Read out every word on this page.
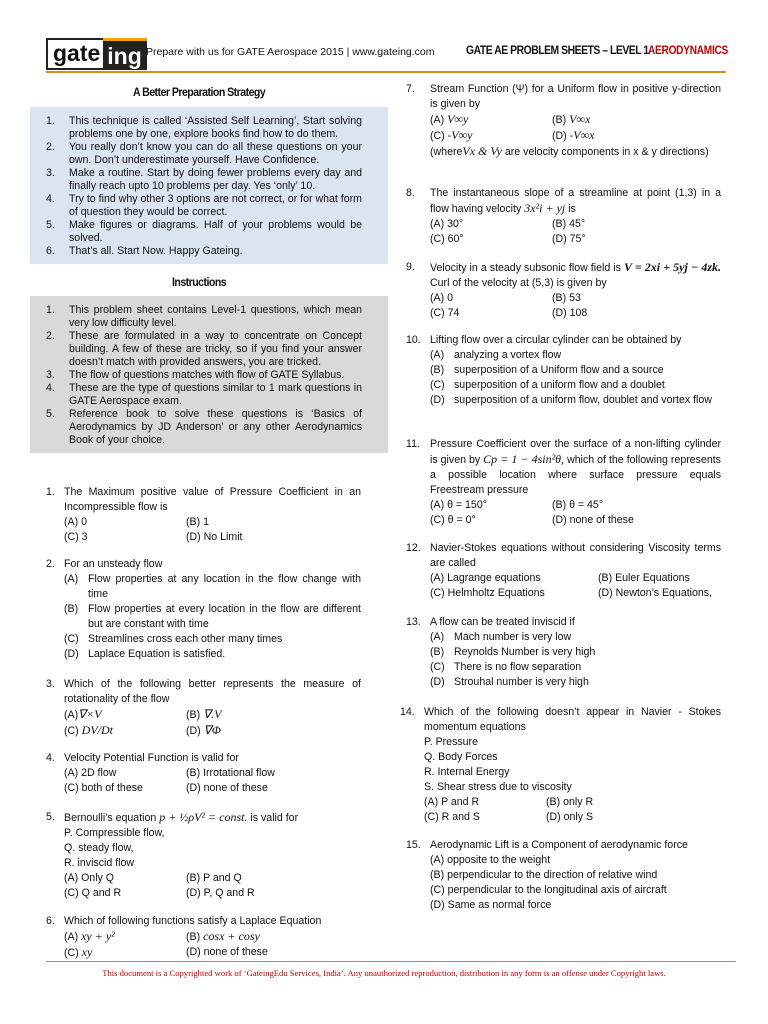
gate ing Prepare with us for GATE Aerospace 2015 | www.gateing.com	GATE AE PROBLEM SHEETS – LEVEL 1 AERODYNAMICS
A Better Preparation Strategy
1. This technique is called ‘Assisted Self Learning’, Start solving problems one by one, explore books find how to do them.
2. You really don’t know you can do all these questions on your own. Don’t underestimate yourself. Have Confidence.
3. Make a routine. Start by doing fewer problems every day and finally reach upto 10 problems per day. Yes ‘only’ 10.
4. Try to find why other 3 options are not correct, or for what form of question they would be correct.
5. Make figures or diagrams. Half of your problems would be solved.
6. That’s all. Start Now. Happy Gateing.
Instructions
1. This problem sheet contains Level-1 questions, which mean very low difficulty level.
2. These are formulated in a way to concentrate on Concept building. A few of these are tricky, so if you find your answer doesn’t match with provided answers, you are tricked.
3. The flow of questions matches with flow of GATE Syllabus.
4. These are the type of questions similar to 1 mark questions in GATE Aerospace exam.
5. Reference book to solve these questions is ‘Basics of Aerodynamics by JD Anderson’ or any other Aerodynamics Book of your choice.
1. The Maximum positive value of Pressure Coefficient in an Incompressible flow is
(A) 0	(B) 1
(C) 3	(D) No Limit
2. For an unsteady flow
(A) Flow properties at any location in the flow change with time
(B) Flow properties at every location in the flow are different but are constant with time
(C) Streamlines cross each other many times
(D) Laplace Equation is satisfied.
3. Which of the following better represents the measure of rotationality of the flow
(A)∇×V	(B) ∇.V
(C) DV/Dt	(D) ∇Φ
4. Velocity Potential Function is valid for
(A) 2D flow	(B) Irrotational flow
(C) both of these	(D) none of these
5. Bernoulli’s equation p + ½ρV² = const. is valid for
P. Compressible flow,
Q. steady flow,
R. inviscid flow
(A) Only Q	(B) P and Q
(C) Q and R	(D) P, Q and R
6. Which of following functions satisfy a Laplace Equation
(A) xy + y²	(B) cosx + cosy
(C) xy	(D) none of these
7. Stream Function (Ψ) for a Uniform flow in positive y-direction is given by
(A) V∞y	(B) V∞x
(C) -V∞y	(D) -V∞x
(whereVx & Vy are velocity components in x & y directions)
8. The instantaneous slope of a streamline at point (1,3) in a flow having velocity 3x²i + yj is
(A) 30°	(B) 45°
(C) 60°	(D) 75°
9. Velocity in a steady subsonic flow field is V = 2xi + 5yj − 4zk. Curl of the velocity at (5,3) is given by
(A) 0	(B) 53
(C) 74	(D) 108
10. Lifting flow over a circular cylinder can be obtained by
(A) analyzing a vortex flow
(B) superposition of a Uniform flow and a source
(C) superposition of a uniform flow and a doublet
(D) superposition of a uniform flow, doublet and vortex flow
11. Pressure Coefficient over the surface of a non-lifting cylinder is given by Cp = 1 − 4sin²θ, which of the following represents a possible location where surface pressure equals Freestream pressure
(A) θ = 150°	(B) θ = 45°
(C) θ = 0°	(D) none of these
12. Navier-Stokes equations without considering Viscosity terms are called
(A) Lagrange equations	(B) Euler Equations
(C) Helmholtz Equations	(D) Newton’s Equations,
13. A flow can be treated inviscid if
(A) Mach number is very low
(B) Reynolds Number is very high
(C) There is no flow separation
(D) Strouhal number is very high
14. Which of the following doesn’t appear in Navier - Stokes momentum equations
P. Pressure
Q. Body Forces
R. Internal Energy
S. Shear stress due to viscosity
(A) P and R	(B) only R
(C) R and S	(D) only S
15. Aerodynamic Lift is a Component of aerodynamic force
(A) opposite to the weight
(B) perpendicular to the direction of relative wind
(C) perpendicular to the longitudinal axis of aircraft
(D) Same as normal force
This document is a Copyrighted work of ‘GateingEdu Services, India’. Any unauthorized reproduction, distribution in any form is an offense under Copyright laws.
